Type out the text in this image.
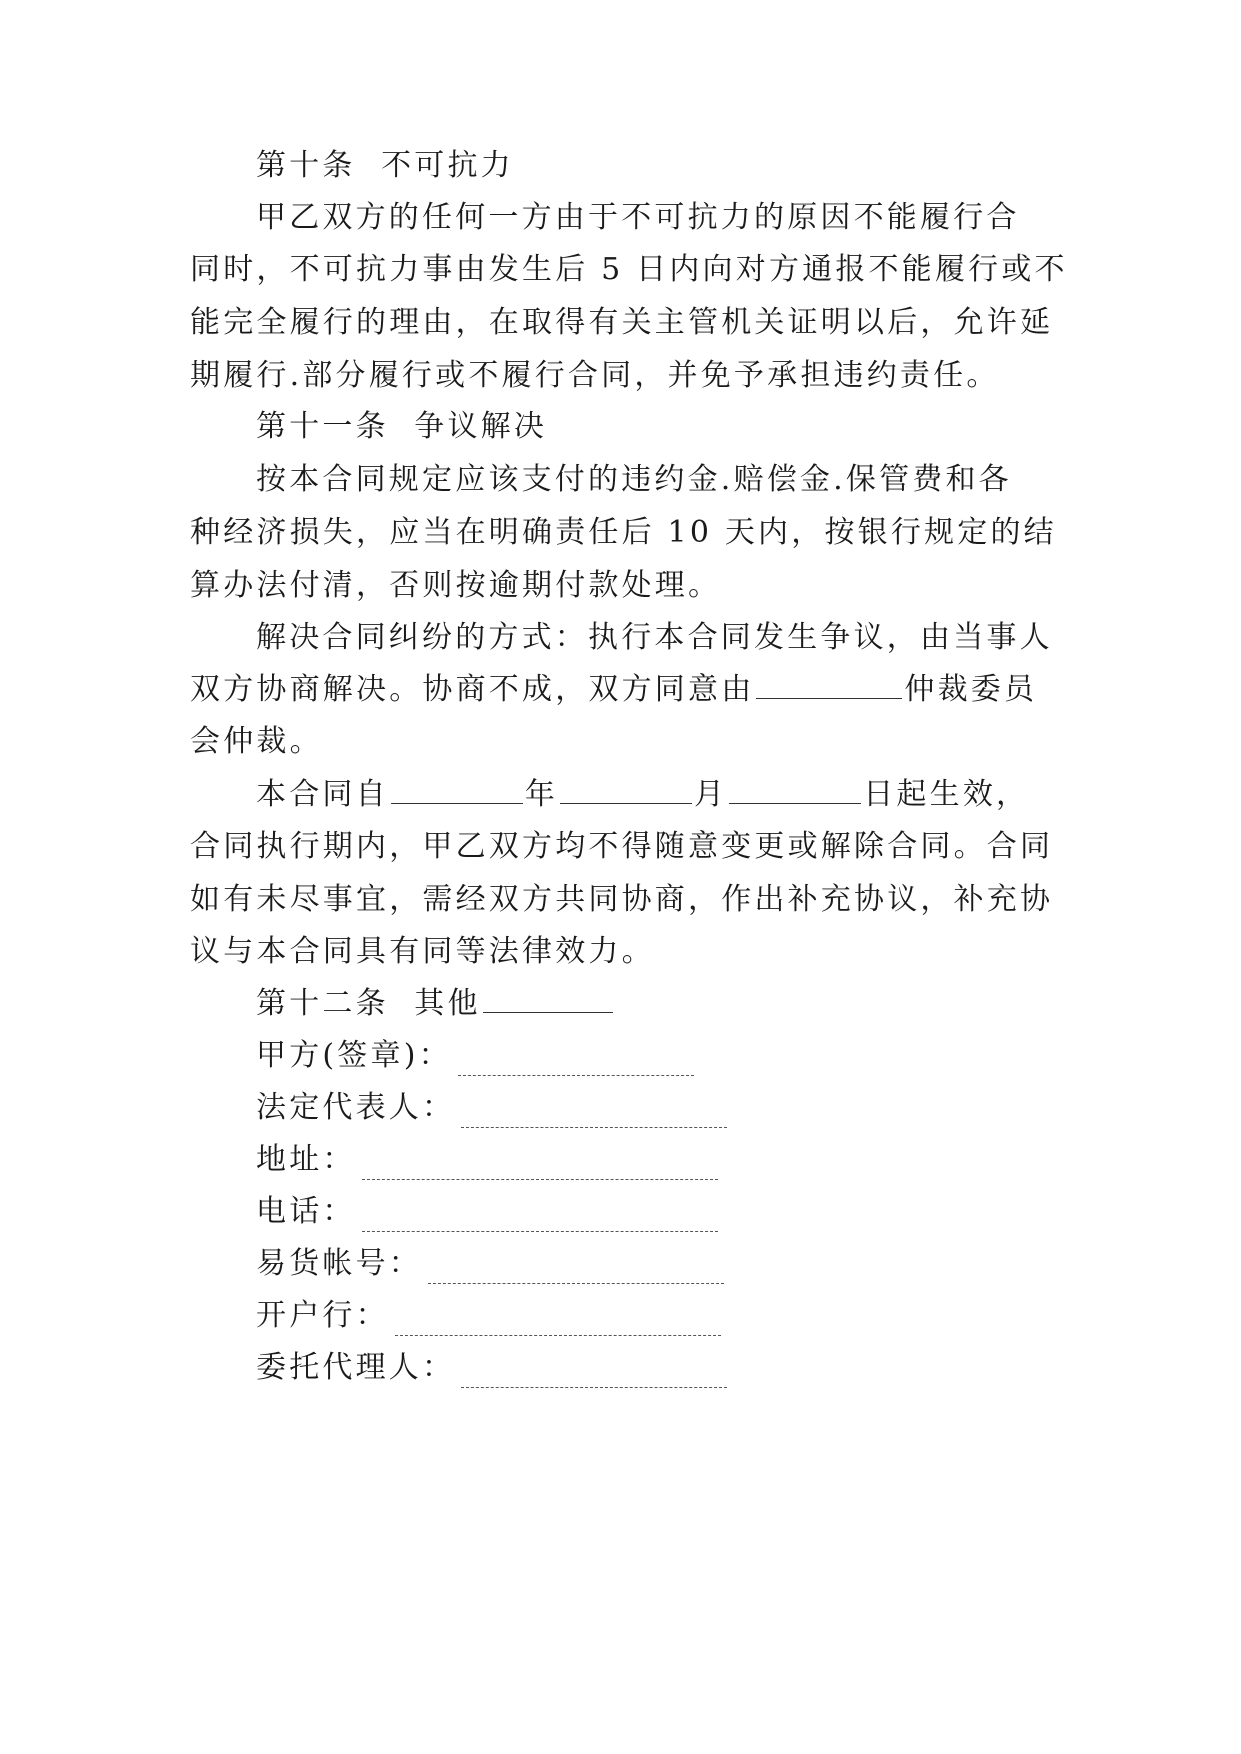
第十条  不可抗力
甲乙双方的任何一方由于不可抗力的原因不能履行合
同时，不可抗力事由发生后 5 日内向对方通报不能履行或不
能完全履行的理由，在取得有关主管机关证明以后，允许延
期履行.部分履行或不履行合同，并免予承担违约责任。
第十一条  争议解决
按本合同规定应该支付的违约金.赔偿金.保管费和各
种经济损失，应当在明确责任后 10 天内，按银行规定的结
算办法付清，否则按逾期付款处理。
解决合同纠纷的方式：执行本合同发生争议，由当事人
双方协商解决。协商不成，双方同意由	仲裁委员
会仲裁。
本合同自	年	月	日起生效，
合同执行期内，甲乙双方均不得随意变更或解除合同。合同
如有未尽事宜，需经双方共同协商，作出补充协议，补充协
议与本合同具有同等法律效力。
第十二条  其他
甲方(签章)：
法定代表人：
地址：
电话：
易货帐号：
开户行：
委托代理人：
